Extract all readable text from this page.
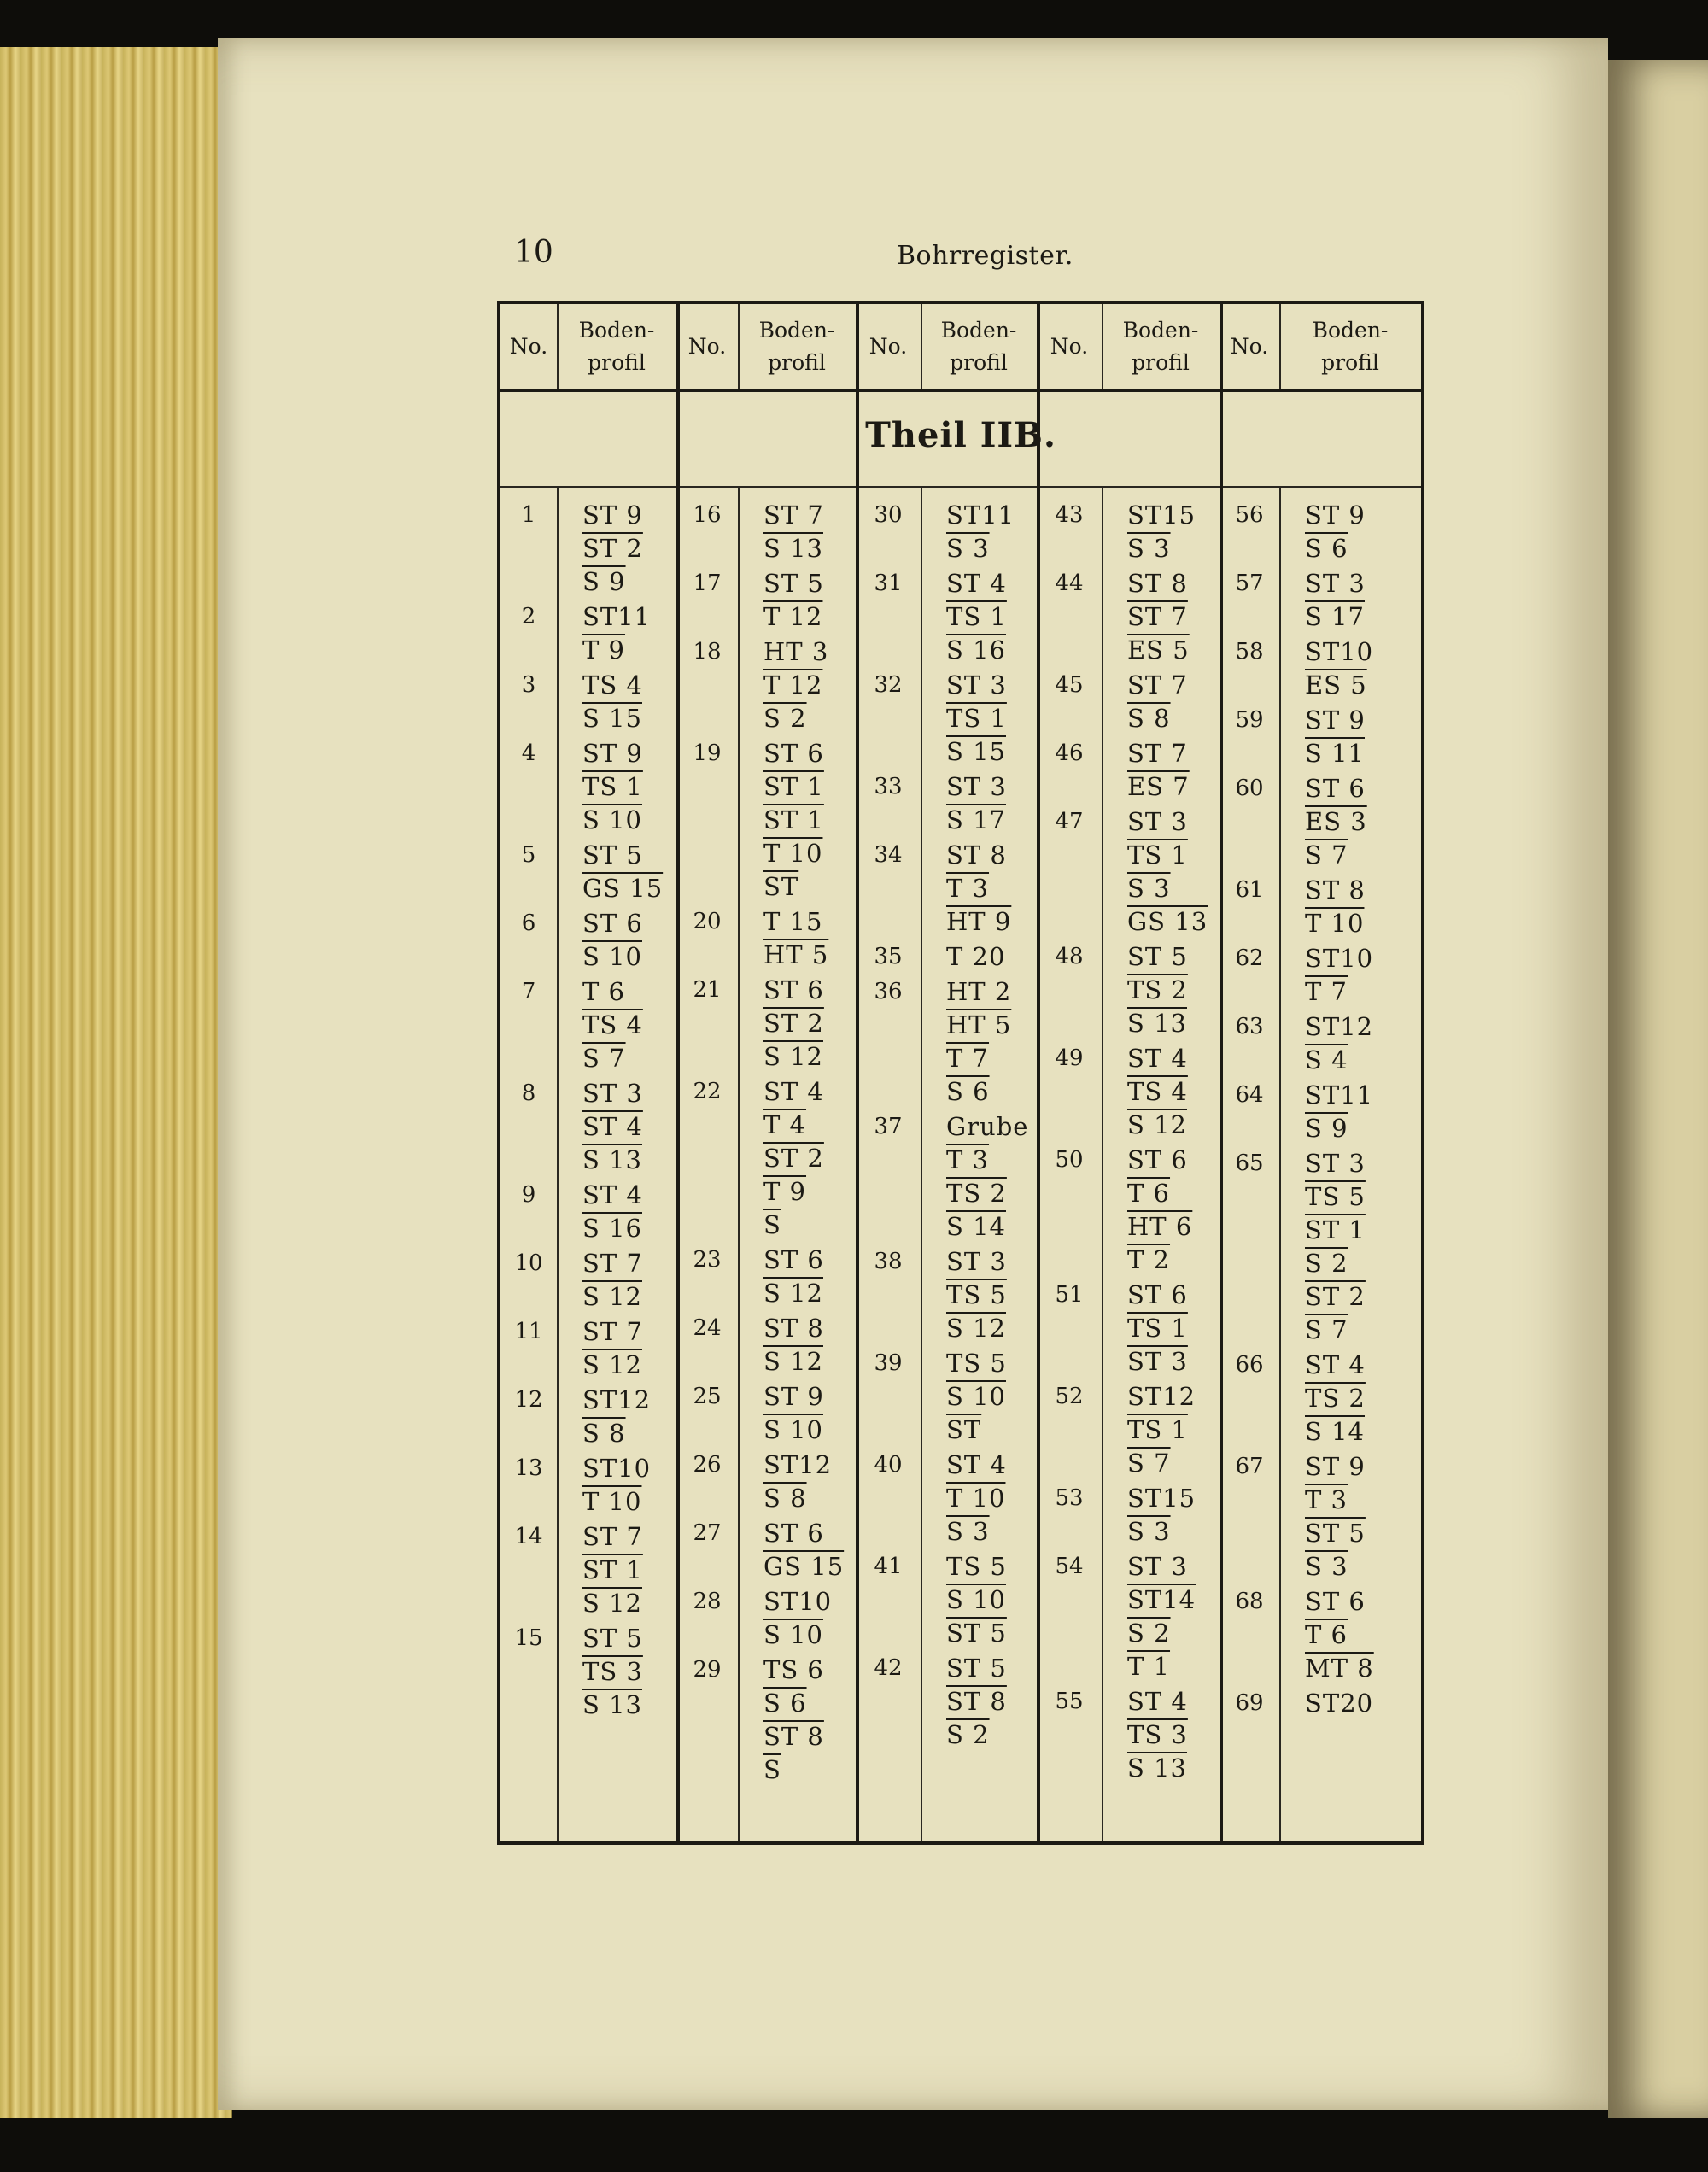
10	Bohrregister.
No.
Boden-
profil
No.
Boden-
profil
No.
Boden-
profil
No.
Boden-
profil
No.
Boden-
profil
Theil IIB.
1	ST 9
ST 2
S 9
2	ST11
T 9
3	TS 4
S 15
4	ST 9
TS 1
S 10
5	ST 5
GS 15
6	ST 6
S 10
7	T 6
TS 4
S 7
8	ST 3
ST 4
S 13
9	ST 4
S 16
10	ST 7
S 12
11	ST 7
S 12
12	ST12
S 8
13	ST10
T 10
14	ST 7
ST 1
S 12
15	ST 5
TS 3
S 13
16	ST 7
S 13
17	ST 5
T 12
18	HT 3
T 12
S 2
19	ST 6
ST 1
ST 1
T 10
$\overline{ST}$
20	T 15
HT 5
21	ST 6
ST 2
S 12
22	ST 4
T 4
ST 2
T 9
$\overline{S}$
23	ST 6
S 12
24	ST 8
S 12
25	ST 9
S 10
26	ST12
S 8
27	ST 6
GS 15
28	ST10
S 10
29	TS 6
S 6
ST 8
$\overline{S}$
30	ST11
S 3
31	ST 4
TS 1
S 16
32	ST 3
TS 1
S 15
33	ST 3
S 17
34	ST 8
T 3
HT 9
35	T 20
36	HT 2
HT 5
T 7
S 6
37	Grube
T 3
TS 2
S 14
38	ST 3
TS 5
S 12
39	TS 5
S 10
$\overline{ST}$
40	ST 4
T 10
S 3
41	TS 5
S 10
ST 5
42	ST 5
ST 8
S 2
43	ST15
S 3
44	ST 8
ST 7
ES 5
45	ST 7
S 8
46	ST 7
ES 7
47	ST 3
TS 1
S 3
GS 13
48	ST 5
TS 2
S 13
49	ST 4
TS 4
S 12
50	ST 6
T 6
HT 6
T 2
51	ST 6
TS 1
ST 3
52	ST12
TS 1
S 7
53	ST15
S 3
54	ST 3
ST14
S 2
T 1
55	ST 4
TS 3
S 13
56	ST 9
S 6
57	ST 3
S 17
58	ST10
ES 5
59	ST 9
S 11
60	ST 6
ES 3
S 7
61	ST 8
T 10
62	ST10
T 7
63	ST12
S 4
64	ST11
S 9
65	ST 3
TS 5
ST 1
S 2
ST 2
S 7
66	ST 4
TS 2
S 14
67	ST 9
T 3
ST 5
S 3
68	ST 6
T 6
MT 8
69	ST20
